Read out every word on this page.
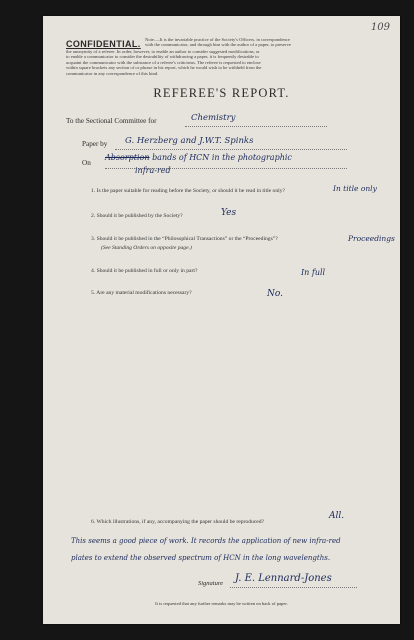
109
CONFIDENTIAL. Note.—It is the invariable practice of the Society's Officers, in correspondence
with the communicator, and through him with the author of a paper, to preserve
the anonymity of a referee. In order, however, to enable an author to consider suggested modifications, or
to enable a communicator to consider the desirability of withdrawing a paper, it is frequently desirable to
acquaint the communicator with the substance of a referee's criticisms. The referee is requested to enclose
within square brackets any section of or phrase in his report, which he would wish to be withheld from the
communicator in any correspondence of this kind.
REFEREE'S REPORT.
To the Sectional Committee for	Chemistry
Paper by G. Herzberg and J.W.T. Spinks
On
Absorption bands of HCN in the photographic
infra-red
1. Is the paper suitable for reading before the Society, or should it be read in title only?	In title only
2. Should it be published by the Society?	Yes
3. Should it be published in the “Philosophical Transactions” or the “Proceedings”?
(See Standing Orders on opposite page.)
Proceedings
4. Should it be published in full or only in part?	In full
5. Are any material modifications necessary?	No.
6. Which illustrations, if any, accompanying the paper should be reproduced?
All.
This seems a good piece of work. It records the application of new infra-red
plates to extend the observed spectrum of HCN in the long wavelengths.
Signature J. E. Lennard-Jones
It is requested that any further remarks may be written on back of paper.
